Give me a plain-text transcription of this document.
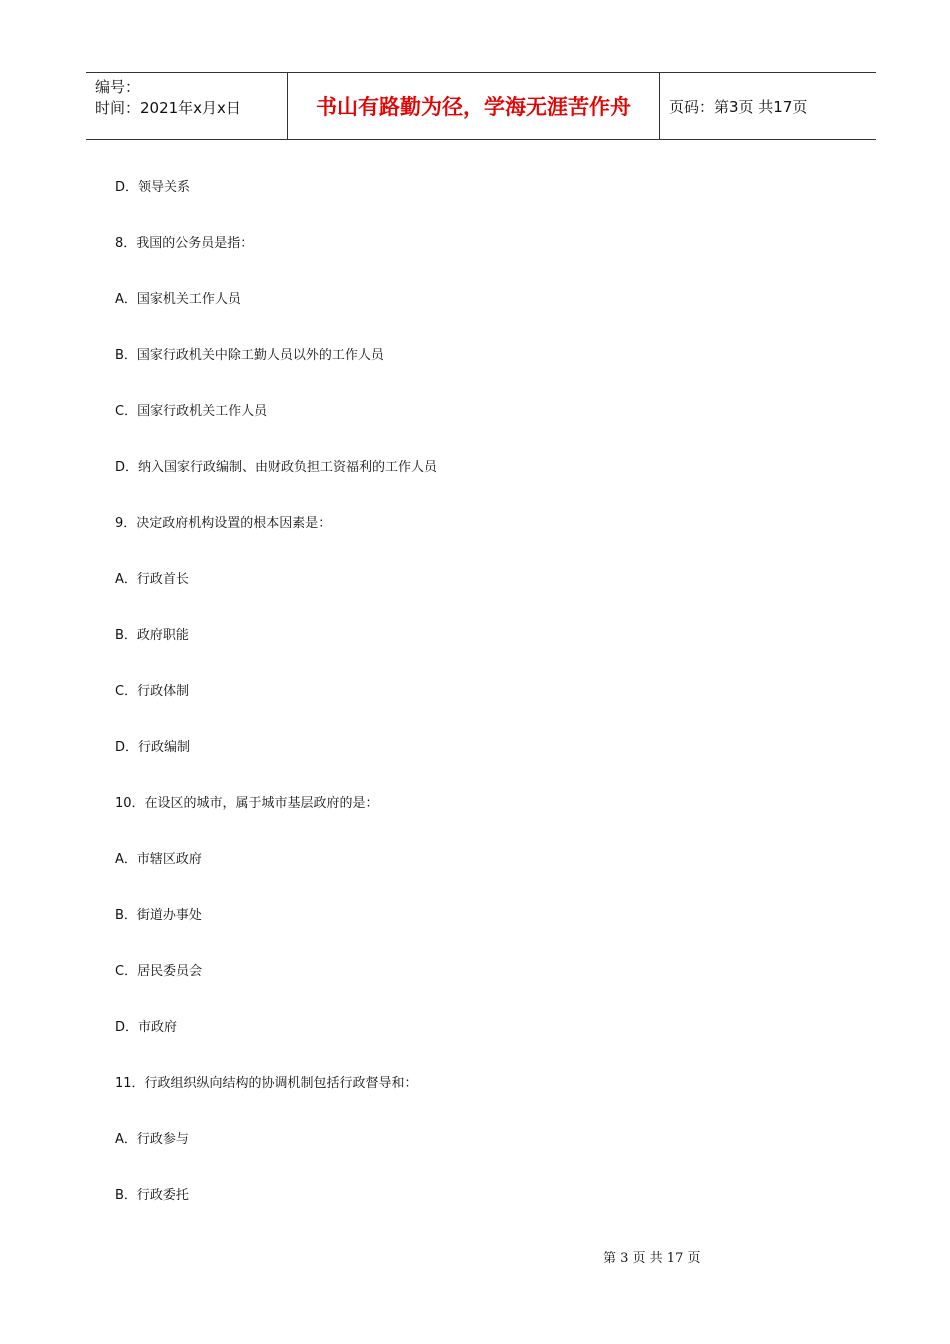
编号：
时间：2021年x月x日	书山有路勤为径，学海无涯苦作舟	页码：第3页 共17页
D．领导关系
8．我国的公务员是指：
A．国家机关工作人员
B．国家行政机关中除工勤人员以外的工作人员
C．国家行政机关工作人员
D．纳入国家行政编制、由财政负担工资福利的工作人员
9．决定政府机构设置的根本因素是：
A．行政首长
B．政府职能
C．行政体制
D．行政编制
10．在设区的城市，属于城市基层政府的是：
A．市辖区政府
B．街道办事处
C．居民委员会
D．市政府
11．行政组织纵向结构的协调机制包括行政督导和：
A．行政参与
B．行政委托
第 3 页 共 17 页
